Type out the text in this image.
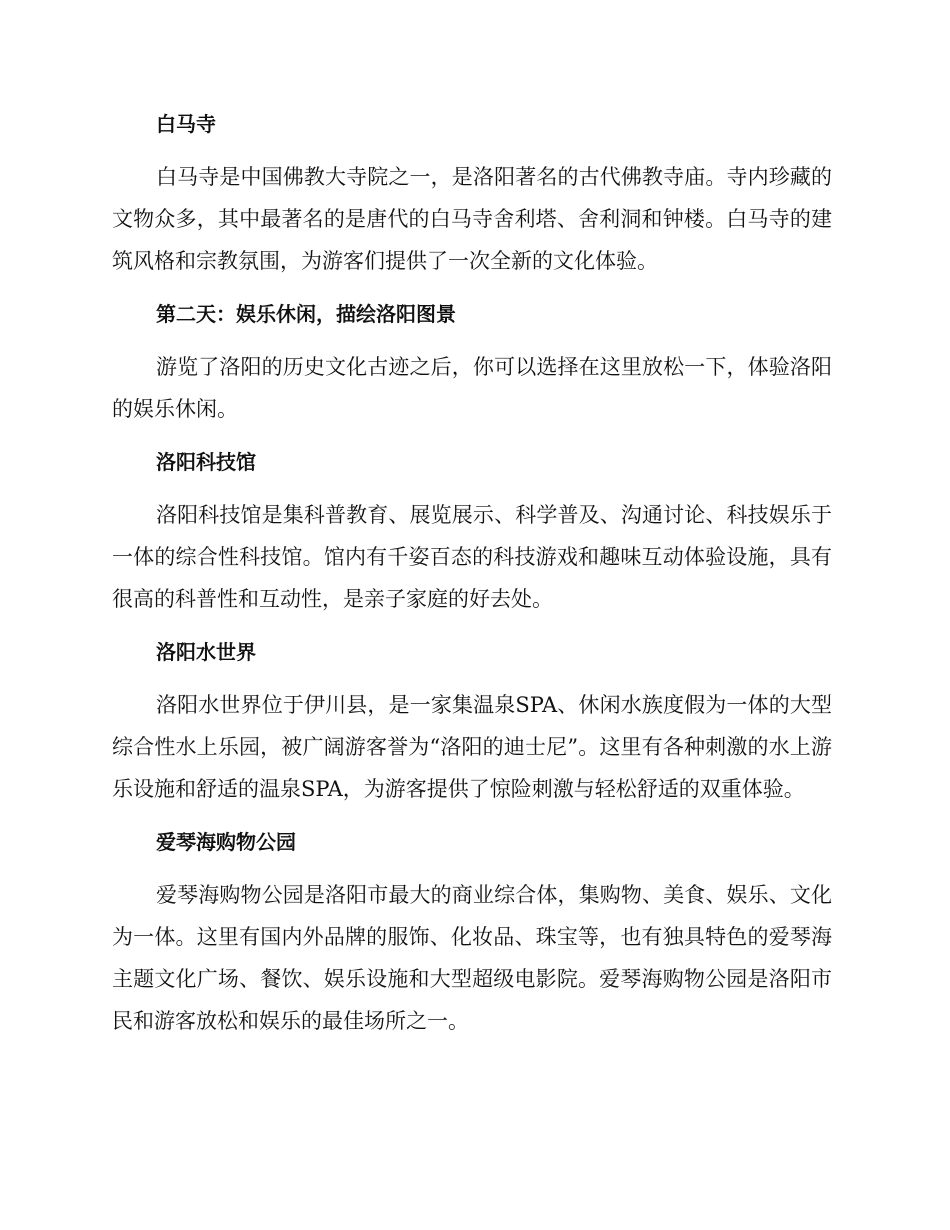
白马寺

白马寺是中国佛教大寺院之一，是洛阳著名的古代佛教寺庙。寺内珍藏的文物众多，其中最著名的是唐代的白马寺舍利塔、舍利洞和钟楼。白马寺的建筑风格和宗教氛围，为游客们提供了一次全新的文化体验。

第二天：娱乐休闲，描绘洛阳图景

游览了洛阳的历史文化古迹之后，你可以选择在这里放松一下，体验洛阳的娱乐休闲。

洛阳科技馆

洛阳科技馆是集科普教育、展览展示、科学普及、沟通讨论、科技娱乐于一体的综合性科技馆。馆内有千姿百态的科技游戏和趣味互动体验设施，具有很高的科普性和互动性，是亲子家庭的好去处。

洛阳水世界

洛阳水世界位于伊川县，是一家集温泉SPA、休闲水族度假为一体的大型综合性水上乐园，被广阔游客誉为“洛阳的迪士尼”。这里有各种刺激的水上游乐设施和舒适的温泉SPA，为游客提供了惊险刺激与轻松舒适的双重体验。

爱琴海购物公园

爱琴海购物公园是洛阳市最大的商业综合体，集购物、美食、娱乐、文化为一体。这里有国内外品牌的服饰、化妆品、珠宝等，也有独具特色的爱琴海主题文化广场、餐饮、娱乐设施和大型超级电影院。爱琴海购物公园是洛阳市民和游客放松和娱乐的最佳场所之一。
